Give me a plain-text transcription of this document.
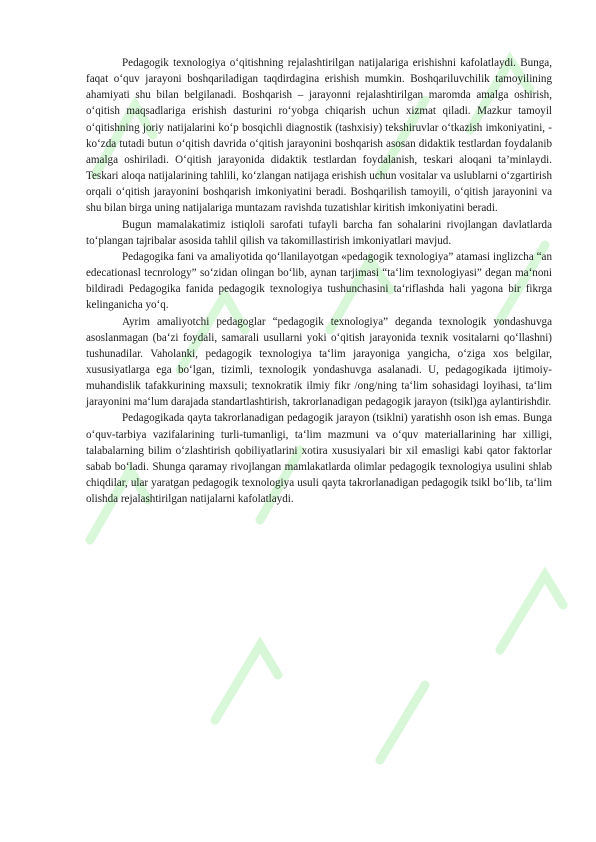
Pedagogik texnologiya o‘qitishning rejalashtirilgan natijalariga erishishni kafolatlaydi. Bunga, faqat o‘quv jarayoni boshqariladigan taqdirdagina erishish mumkin. Boshqariluvchilik tamoyilining ahamiyati shu bilan belgilanadi. Boshqarish – jarayonni rejalashtirilgan maromda amalga oshirish, o‘qitish maqsadlariga erishish dasturini ro‘yobga chiqarish uchun xizmat qiladi. Mazkur tamoyil o‘qitishning joriy natijalarini ko‘p bosqichli diagnostik (tashxisiy) tekshiruvlar o‘tkazish imkoniyatini, - ko‘zda tutadi butun o‘qitish davrida o‘qitish jarayonini boshqarish asosan didaktik testlardan foydalanib amalga oshiriladi. O‘qitish jarayonida didaktik testlardan foydalanish, teskari aloqani ta’minlaydi. Teskari aloqa natijalarining tahlili, ko‘zlangan natijaga erishish uchun vositalar va uslublarni o‘zgartirish orqali o‘qitish jarayonini boshqarish imkoniyatini beradi. Boshqarilish tamoyili, o‘qitish jarayonini va shu bilan birga uning natijalariga muntazam ravishda tuzatishlar kiritish imkoniyatini beradi.

Bugun mamalakatimiz istiqloli sarofati tufayli barcha fan sohalarini rivojlangan davlatlarda to‘plangan tajribalar asosida tahlil qilish va takomillastirish imkoniyatlari mavjud.

Pedagogika fani va amaliyotida qo‘llanilayotgan «pedagogik texnologiya” atamasi inglizcha “an edecationasl tecnrology” so‘zidan olingan bo‘lib, aynan tarjimasi “ta‘lim texnologiyasi” degan ma‘noni bildiradi Pedagogika fanida pedagogik texnologiya tushunchasini ta‘riflashda hali yagona bir fikrga kelinganicha yo‘q.

Ayrim amaliyotchi pedagoglar “pedagogik texnologiya” deganda texnologik yondashuvga asoslanmagan (ba‘zi foydali, samarali usullarni yoki o‘qitish jarayonida texnik vositalarni qo‘llashni) tushunadilar. Vaholanki, pedagogik texnologiya ta‘lim jarayoniga yangicha, o‘ziga xos belgilar, xususiyatlarga ega bo‘lgan, tizimli, texnologik yondashuvga asalanadi. U, pedagogikada ijtimoiy-muhandislik tafakkurining maxsuli; texnokratik ilmiy fikr /ong/ning ta‘lim sohasidagi loyihasi, ta‘lim jarayonini ma‘lum darajada standartlashtirish, takrorlanadigan pedagogik jarayon (tsikl)ga aylantirishdir.

Pedagogikada qayta takrorlanadigan pedagogik jarayon (tsiklni) yaratishh oson ish emas. Bunga o‘quv-tarbiya vazifalarining turli-tumanligi, ta‘lim mazmuni va o‘quv materiallarining har xilligi, talabalarning bilim o‘zlashtirish qobiliyatlarini xotira xususiyalari bir xil emasligi kabi qator faktorlar sabab bo‘ladi. Shunga qaramay rivojlangan mamlakatlarda olimlar pedagogik texnologiya usulini shlab chiqdilar, ular yaratgan pedagogik texnologiya usuli qayta takrorlanadigan pedagogik tsikl bo‘lib, ta‘lim olishda rejalashtirilgan natijalarni kafolatlaydi.
